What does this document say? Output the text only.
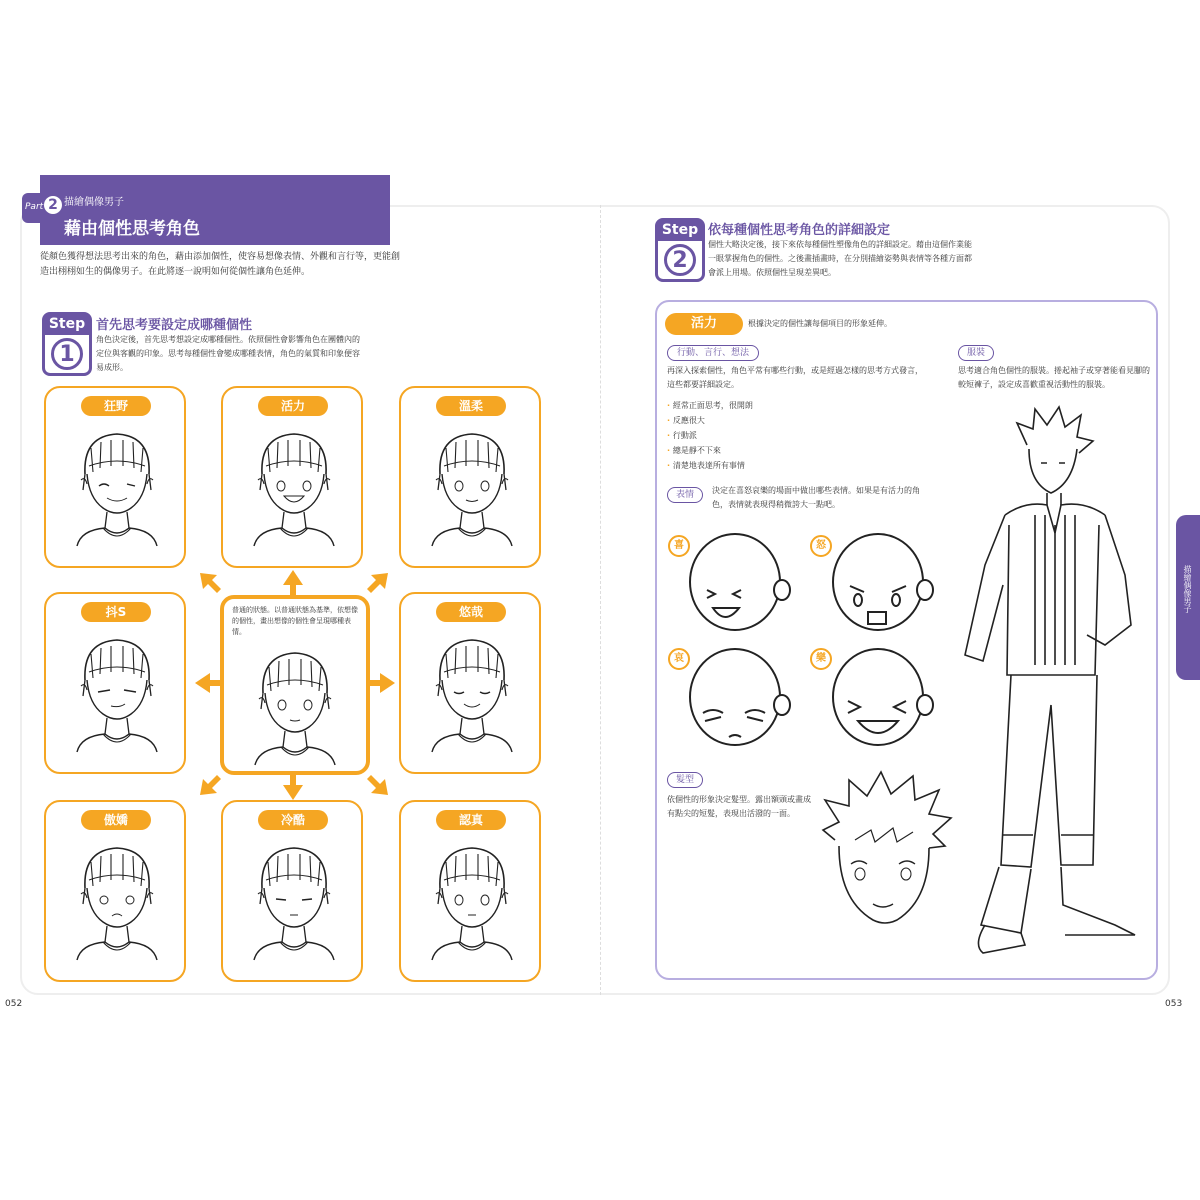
Part 2 描繪偶像男子
藉由個性思考角色
從顏色獲得想法思考出來的角色，藉由添加個性，使容易想像表情、外觀和言行等，更能創造出栩栩如生的偶像男子。在此將逐一說明如何從個性讓角色延伸。
Step
1
首先思考要設定成哪種個性
角色決定後，首先思考想設定成哪種個性。依照個性會影響角色在團體內的定位與客觀的印象。思考每種個性會變成哪種表情，角色的氣質和印象便容易成形。
狂野	活力	溫柔
抖S	悠哉
傲嬌	冷酷	認真
普通的狀態。以普通狀態為基準，依想像的個性，畫出想像的個性會呈現哪種表情。
052
Step
2
依每種個性思考角色的詳細設定
個性大略決定後，接下來依每種個性塑像角色的詳細設定。藉由這個作業能一眼掌握角色的個性。之後畫插畫時，在分別描繪姿勢與表情等各種方面都會派上用場。依照個性呈現差異吧。
活力	根據決定的個性讓每個項目的形象延伸。
行動、言行、想法
再深入探索個性，角色平常有哪些行動，或是經過怎樣的思考方式發言，這些都要詳細設定。
· 經常正面思考，很開朗
· 反應很大
· 行動派
· 總是靜不下來
· 清楚地表達所有事情
表情	決定在喜怒哀樂的場面中做出哪些表情。如果是有活力的角色，表情就表現得稍微誇大一點吧。
喜	怒
哀	樂
髮型
依個性的形象決定髮型。露出額頭或畫成有點尖的短髮，表現出活潑的一面。
服裝
思考適合角色個性的服裝。捲起袖子或穿著能看見腳的較短褲子，設定成喜歡重視活動性的服裝。
描繪偶像男子
053
